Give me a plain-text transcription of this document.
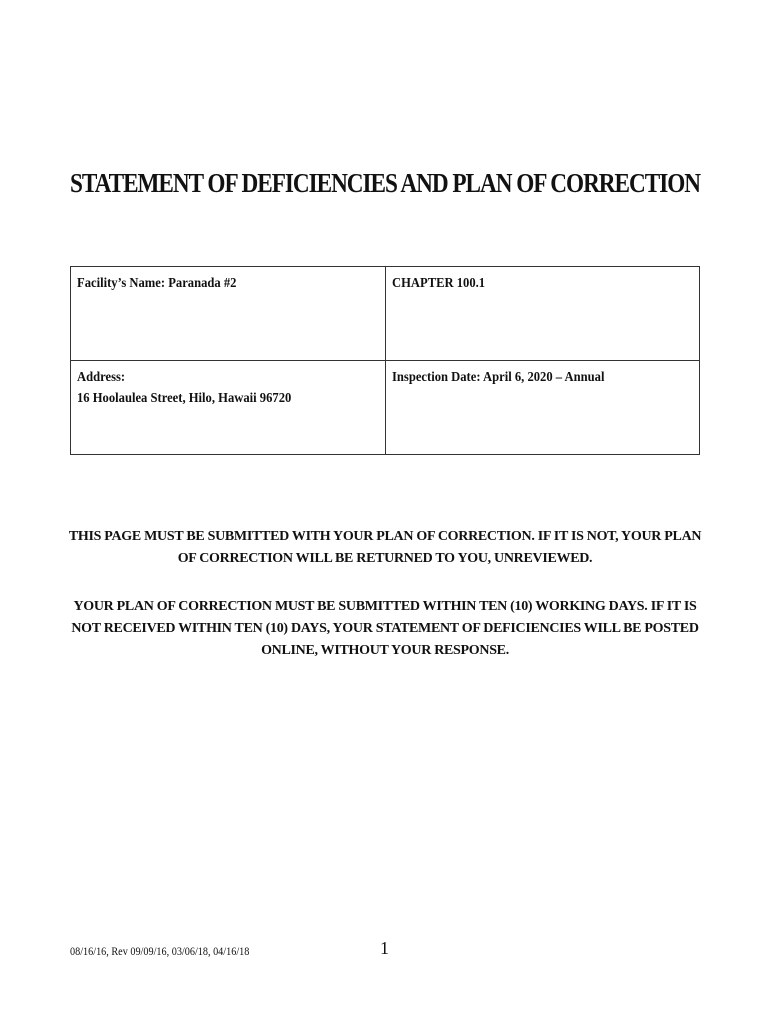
STATEMENT OF DEFICIENCIES AND PLAN OF CORRECTION
Facility’s Name: Paranada #2	CHAPTER 100.1

Address:
16 Hoolaulea Street, Hilo, Hawaii 96720	Inspection Date: April 6, 2020 – Annual
THIS PAGE MUST BE SUBMITTED WITH YOUR PLAN OF CORRECTION. IF IT IS NOT, YOUR PLAN OF CORRECTION WILL BE RETURNED TO YOU, UNREVIEWED.
YOUR PLAN OF CORRECTION MUST BE SUBMITTED WITHIN TEN (10) WORKING DAYS. IF IT IS NOT RECEIVED WITHIN TEN (10) DAYS, YOUR STATEMENT OF DEFICIENCIES WILL BE POSTED ONLINE, WITHOUT YOUR RESPONSE.
08/16/16, Rev 09/09/16, 03/06/18, 04/16/18	1
